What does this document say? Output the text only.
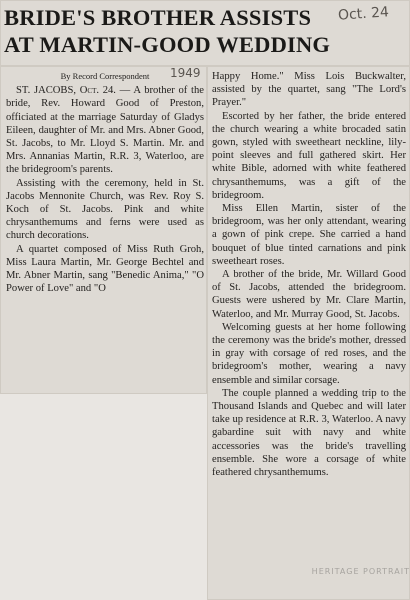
BRIDE'S BROTHER ASSISTS AT MARTIN-GOOD WEDDING
Oct. 24
1949

By Record Correspondent

ST. JACOBS, Oct. 24. — A brother of the bride, Rev. Howard Good of Preston, officiated at the marriage Saturday of Gladys Eileen, daughter of Mr. and Mrs. Abner Good, St. Jacobs, to Mr. Lloyd S. Martin. Mr. and Mrs. Annanias Martin, R.R. 3, Waterloo, are the bridegroom's parents.

Assisting with the ceremony, held in St. Jacobs Mennonite Church, was Rev. Roy S. Koch of St. Jacobs. Pink and white chrysanthemums and ferns were used as church decorations.

A quartet composed of Miss Ruth Groh, Miss Laura Martin, Mr. George Bechtel and Mr. Abner Martin, sang "Benedic Anima," "O Power of Love" and "O

Happy Home." Miss Lois Buckwalter, assisted by the quartet, sang "The Lord's Prayer."

Escorted by her father, the bride entered the church wearing a white brocaded satin gown, styled with sweetheart neckline, lily-point sleeves and full gathered skirt. Her white Bible, adorned with white feathered chrysanthemums, was a gift of the bridegroom.

Miss Ellen Martin, sister of the bridegroom, was her only attendant, wearing a gown of pink crepe. She carried a hand bouquet of blue tinted carnations and pink sweetheart roses.

A brother of the bride, Mr. Willard Good of St. Jacobs, attended the bridegroom. Guests were ushered by Mr. Clare Martin, Waterloo, and Mr. Murray Good, St. Jacobs.

Welcoming guests at her home following the ceremony was the bride's mother, dressed in gray with corsage of red roses, and the bridegroom's mother, wearing a navy ensemble and similar corsage.

The couple planned a wedding trip to the Thousand Islands and Quebec and will later take up residence at R.R. 3, Waterloo. A navy gabardine suit with navy and white accessories was the bride's travelling ensemble. She wore a corsage of white feathered chrysanthemums.

HERITAGE PORTRAIT
